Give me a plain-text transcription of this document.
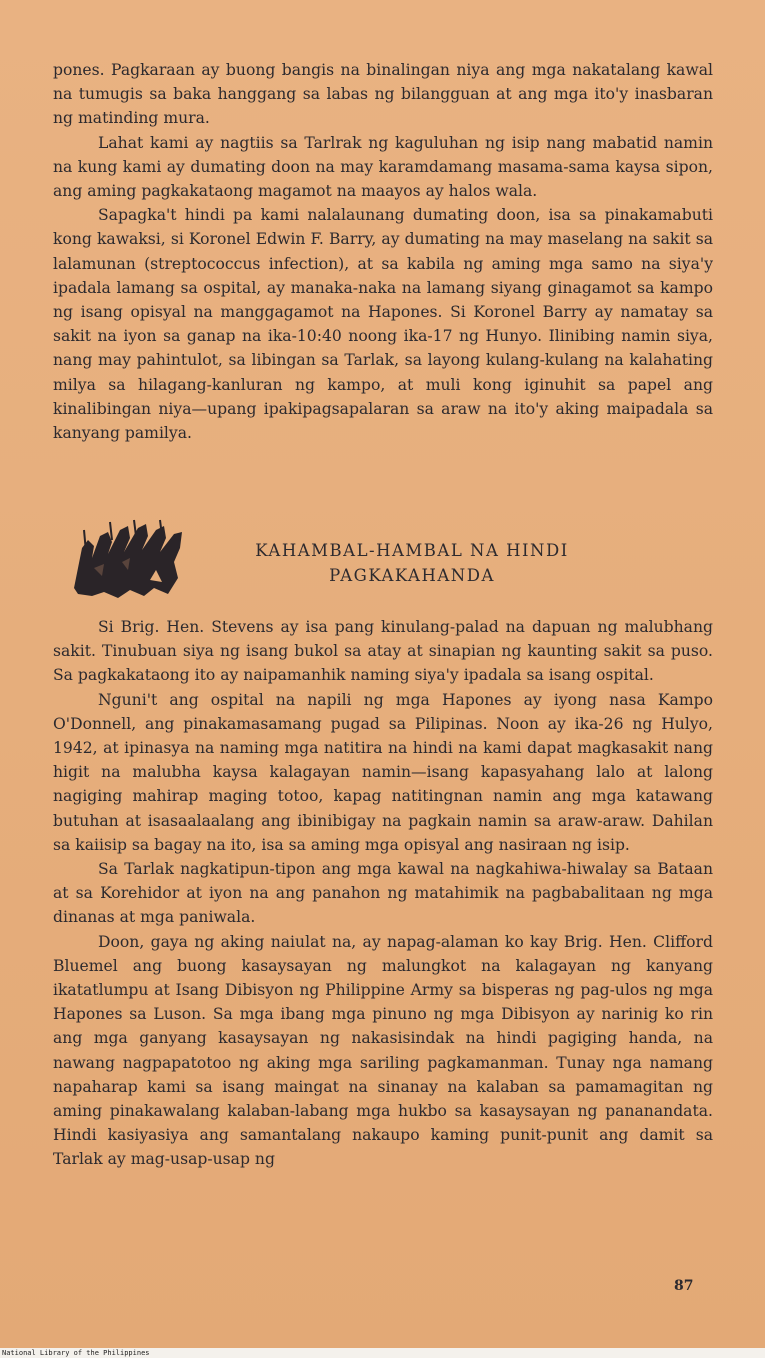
pones. Pagkaraan ay buong bangis na binalingan niya ang mga nakatalang kawal na tumugis sa baka hanggang sa labas ng bilangguan at ang mga ito'y inasbaran ng matinding mura.

Lahat kami ay nagtiis sa Tarlrak ng kaguluhan ng isip nang mabatid namin na kung kami ay dumating doon na may karamdamang masama-sama kaysa sipon, ang aming pagkakataong magamot na maayos ay halos wala.

Sapagka't hindi pa kami nalalaunang dumating doon, isa sa pinakamabuti kong kawaksi, si Koronel Edwin F. Barry, ay dumating na may maselang na sakit sa lalamunan (streptococcus infection), at sa kabila ng aming mga samo na siya'y ipadala lamang sa ospital, ay manaka-naka na lamang siyang ginagamot sa kampo ng isang opisyal na manggagamot na Hapones. Si Koronel Barry ay namatay sa sakit na iyon sa ganap na ika-10:40 noong ika-17 ng Hunyo. Ilinibing namin siya, nang may pahintulot, sa libingan sa Tarlak, sa layong kulang-kulang na kalahating milya sa hilagang-kanluran ng kampo, at muli kong iginuhit sa papel ang kinalibingan niya—upang ipakipagsapalaran sa araw na ito'y aking maipadala sa kanyang pamilya.

KAHAMBAL-HAMBAL NA HINDI
PAGKAKAHANDA

Si Brig. Hen. Stevens ay isa pang kinulang-palad na dapuan ng malubhang sakit. Tinubuan siya ng isang bukol sa atay at sinapian ng kaunting sakit sa puso. Sa pagkakataong ito ay naipamanhik naming siya'y ipadala sa isang ospital.

Nguni't ang ospital na napili ng mga Hapones ay iyong nasa Kampo O'Donnell, ang pinakamasamang pugad sa Pilipinas. Noon ay ika-26 ng Hulyo, 1942, at ipinasya na naming mga natitira na hindi na kami dapat magkasakit nang higit na malubha kaysa kalagayan namin—isang kapasyahang lalo at lalong nagiging mahirap maging totoo, kapag natitingnan namin ang mga katawang butuhan at isasaalaalang ang ibinibigay na pagkain namin sa araw-araw. Dahilan sa kaiisip sa bagay na ito, isa sa aming mga opisyal ang nasiraan ng isip.

Sa Tarlak nagkatipun-tipon ang mga kawal na nagkahiwa-hiwalay sa Bataan at sa Korehidor at iyon na ang panahon ng matahimik na pagbabalitaan ng mga dinanas at mga paniwala.

Doon, gaya ng aking naiulat na, ay napag-alaman ko kay Brig. Hen. Clifford Bluemel ang buong kasaysayan ng malungkot na kalagayan ng kanyang ikatatlumpu at Isang Dibisyon ng Philippine Army sa bisperas ng pag-ulos ng mga Hapones sa Luson. Sa mga ibang mga pinuno ng mga Dibisyon ay narinig ko rin ang mga ganyang kasaysayan ng nakasisindak na hindi pagiging handa, na nawang nagpapatotoo ng aking mga sariling pagkamanman. Tunay nga namang napaharap kami sa isang maingat na sinanay na kalaban sa pamamagitan ng aming pinakawalang kalaban-labang mga hukbo sa kasaysayan ng pananandata. Hindi kasiyasiya ang samantalang nakaupo kaming punit-punit ang damit sa Tarlak ay mag-usap-usap ng

87
National Library of the Philippines
